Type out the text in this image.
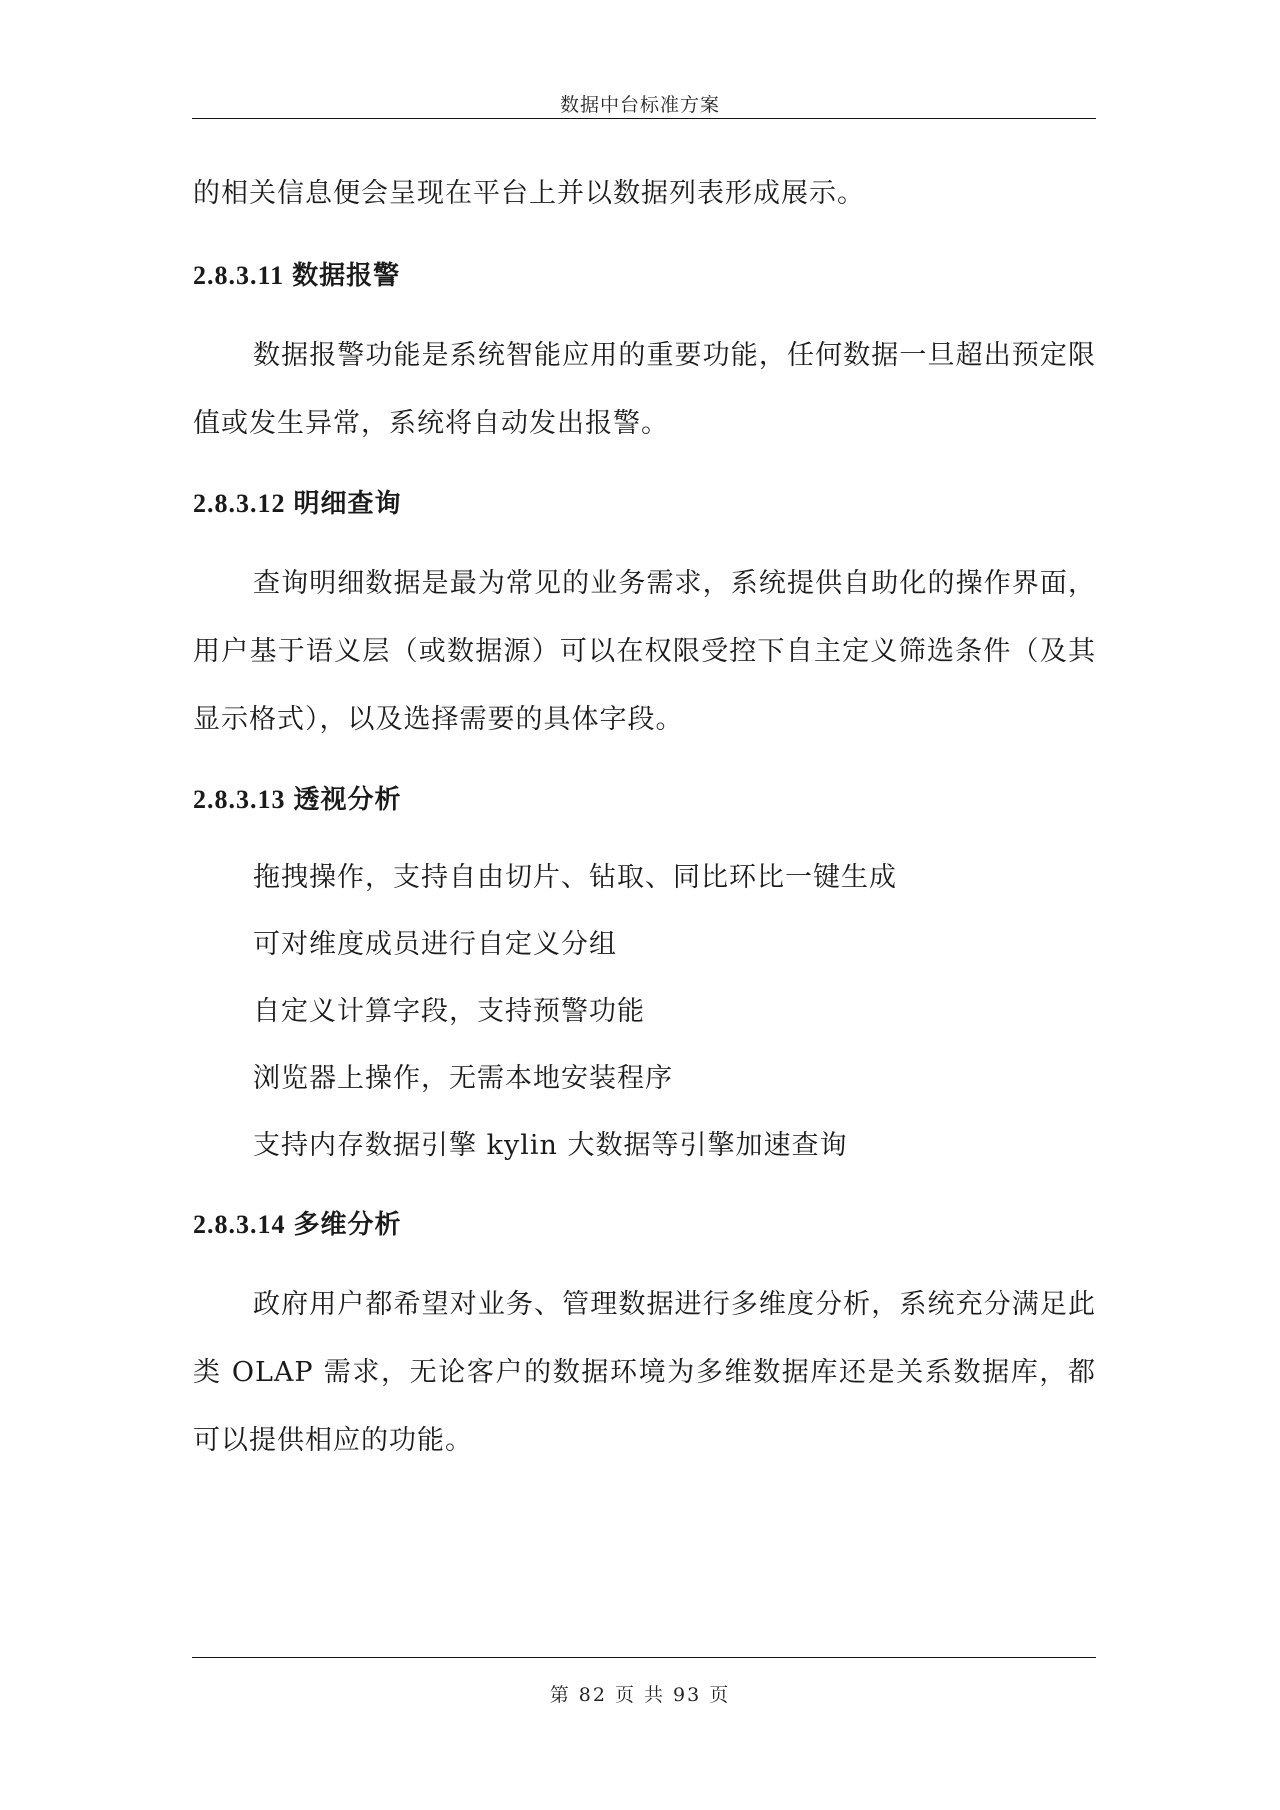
数据中台标准方案

的相关信息便会呈现在平台上并以数据列表形成展示。

2.8.3.11 数据报警

数据报警功能是系统智能应用的重要功能，任何数据一旦超出预定限值或发生异常，系统将自动发出报警。

2.8.3.12 明细查询

查询明细数据是最为常见的业务需求，系统提供自助化的操作界面，用户基于语义层（或数据源）可以在权限受控下自主定义筛选条件（及其显示格式），以及选择需要的具体字段。

2.8.3.13 透视分析

拖拽操作，支持自由切片、钻取、同比环比一键生成

可对维度成员进行自定义分组

自定义计算字段，支持预警功能

浏览器上操作，无需本地安装程序

支持内存数据引擎 kylin 大数据等引擎加速查询

2.8.3.14 多维分析

政府用户都希望对业务、管理数据进行多维度分析，系统充分满足此类 OLAP 需求，无论客户的数据环境为多维数据库还是关系数据库，都可以提供相应的功能。

第 82 页 共 93 页
